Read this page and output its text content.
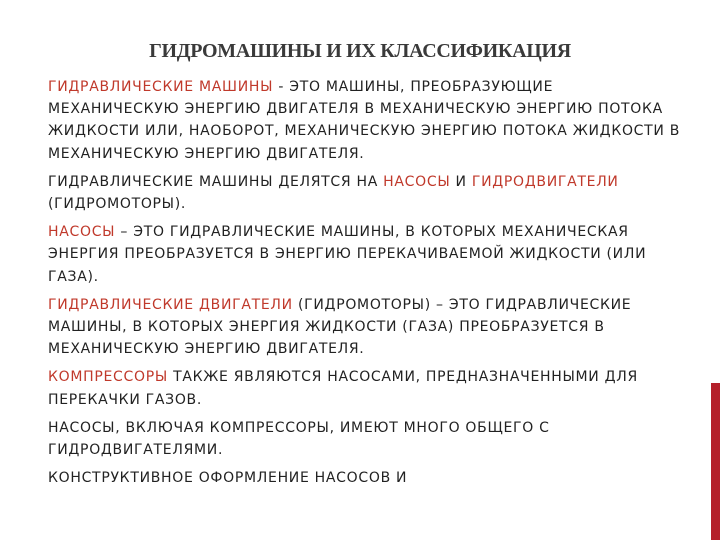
ГИДРОМАШИНЫ И ИХ КЛАССИФИКАЦИЯ

ГИДРАВЛИЧЕСКИЕ МАШИНЫ - ЭТО МАШИНЫ, ПРЕОБРАЗУЮЩИЕ МЕХАНИЧЕСКУЮ ЭНЕРГИЮ ДВИГАТЕЛЯ В МЕХАНИЧЕСКУЮ ЭНЕРГИЮ ПОТОКА ЖИДКОСТИ ИЛИ, НАОБОРОТ, МЕХАНИЧЕСКУЮ ЭНЕРГИЮ ПОТОКА ЖИДКОСТИ В МЕХАНИЧЕСКУЮ ЭНЕРГИЮ ДВИГАТЕЛЯ.

ГИДРАВЛИЧЕСКИЕ МАШИНЫ ДЕЛЯТСЯ НА НАСОСЫ И ГИДРОДВИГАТЕЛИ (ГИДРОМОТОРЫ).

НАСОСЫ – ЭТО ГИДРАВЛИЧЕСКИЕ МАШИНЫ, В КОТОРЫХ МЕХАНИЧЕСКАЯ ЭНЕРГИЯ ПРЕОБРАЗУЕТСЯ В ЭНЕРГИЮ ПЕРЕКАЧИВАЕМОЙ ЖИДКОСТИ (ИЛИ ГАЗА).

ГИДРАВЛИЧЕСКИЕ ДВИГАТЕЛИ (ГИДРОМОТОРЫ) – ЭТО ГИДРАВЛИЧЕСКИЕ МАШИНЫ, В КОТОРЫХ ЭНЕРГИЯ ЖИДКОСТИ (ГАЗА) ПРЕОБРАЗУЕТСЯ В МЕХАНИЧЕСКУЮ ЭНЕРГИЮ ДВИГАТЕЛЯ.

КОМПРЕССОРЫ ТАКЖЕ ЯВЛЯЮТСЯ НАСОСАМИ, ПРЕДНАЗНАЧЕННЫМИ ДЛЯ ПЕРЕКАЧКИ ГАЗОВ.

НАСОСЫ, ВКЛЮЧАЯ КОМПРЕССОРЫ, ИМЕЮТ МНОГО ОБЩЕГО С ГИДРОДВИГАТЕЛЯМИ.

КОНСТРУКТИВНОЕ ОФОРМЛЕНИЕ НАСОСОВ И
